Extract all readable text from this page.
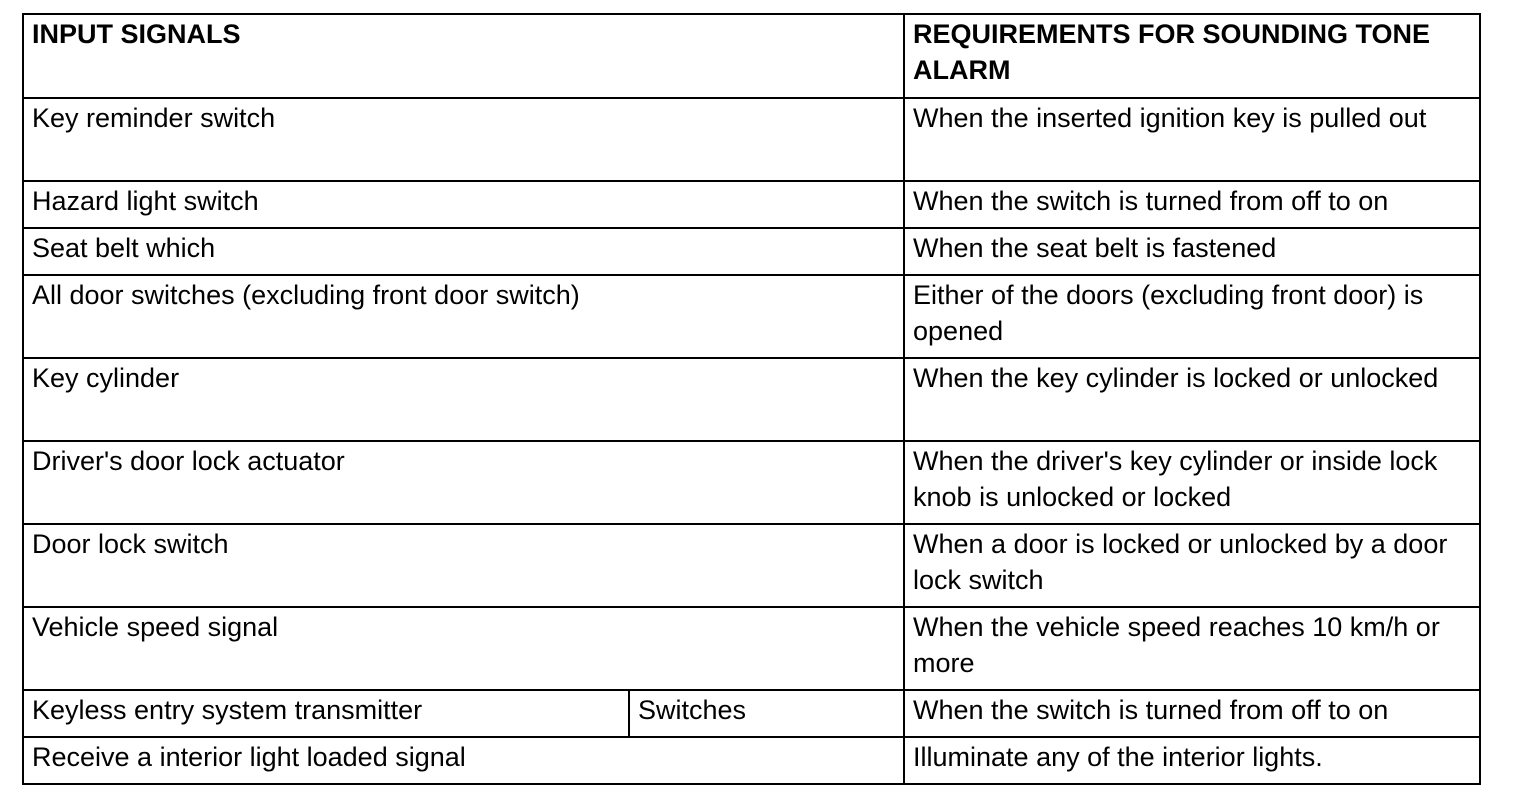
INPUT SIGNALS		REQUIREMENTS FOR SOUNDING TONE ALARM
Key reminder switch		When the inserted ignition key is pulled out
Hazard light switch		When the switch is turned from off to on
Seat belt which		When the seat belt is fastened
All door switches (excluding front door switch)		Either of the doors (excluding front door) is opened
Key cylinder		When the key cylinder is locked or unlocked
Driver's door lock actuator		When the driver's key cylinder or inside lock knob is unlocked or locked
Door lock switch		When a door is locked or unlocked by a door lock switch
Vehicle speed signal		When the vehicle speed reaches 10 km/h or more
Keyless entry system transmitter	Switches	When the switch is turned from off to on
Receive a interior light loaded signal		Illuminate any of the interior lights.
